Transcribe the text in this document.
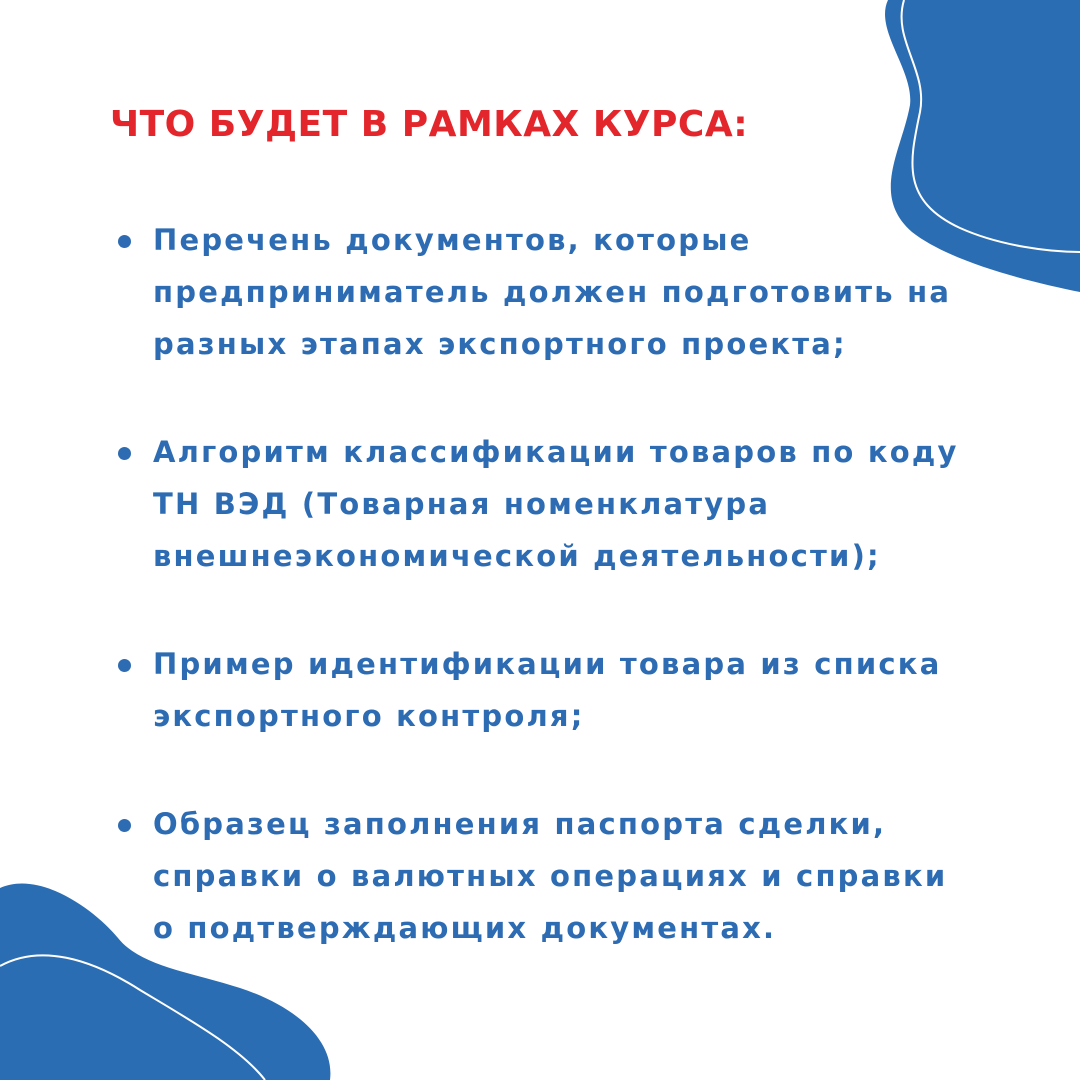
ЧТО БУДЕТ В РАМКАХ КУРСА:
Перечень документов, которые
предприниматель должен подготовить на
разных этапах экспортного проекта;
Алгоритм классификации товаров по коду
ТН ВЭД (Товарная номенклатура
внешнеэкономической деятельности);
Пример идентификации товара из списка
экспортного контроля;
Образец заполнения паспорта сделки,
справки о валютных операциях и справки
о подтверждающих документах.
